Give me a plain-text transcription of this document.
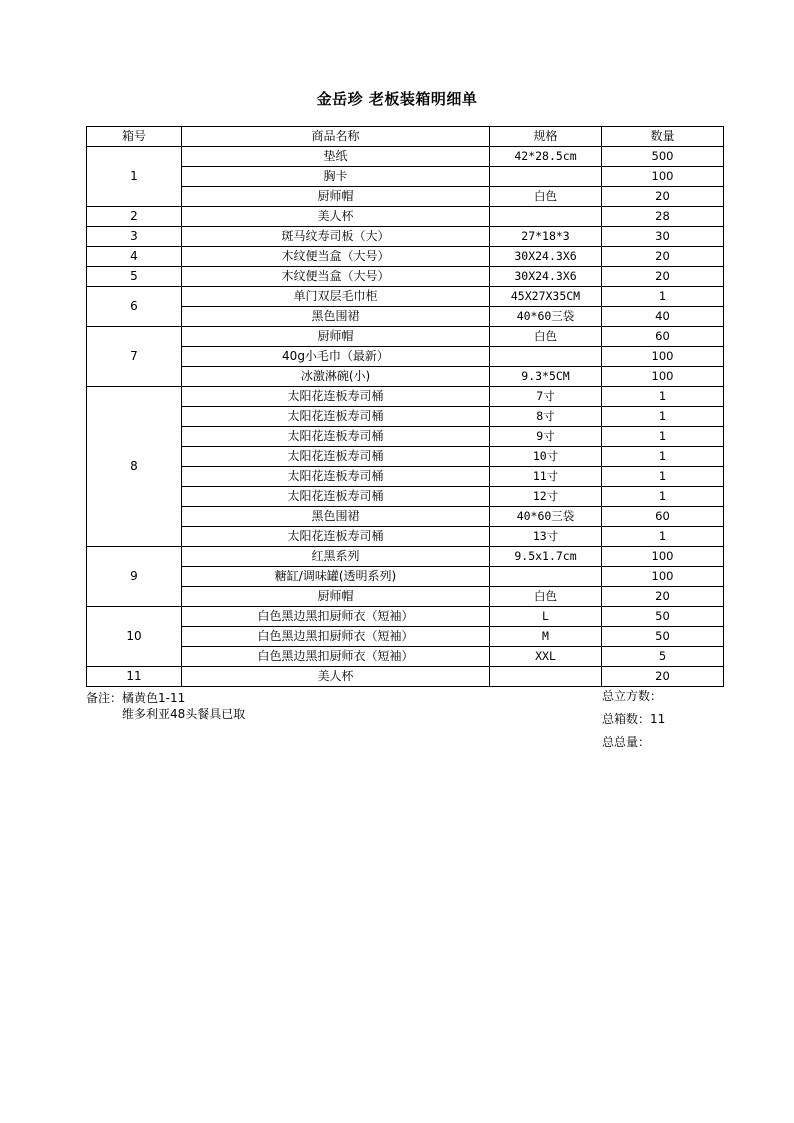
金岳珍 老板装箱明细单
箱号	商品名称	规格	数量
1	垫纸	42*28.5cm	500
	胸卡		100
	厨师帽	白色	20
2	美人杯		28
3	斑马纹寿司板（大）	27*18*3	30
4	木纹便当盒（大号）	30X24.3X6	20
5	木纹便当盒（大号）	30X24.3X6	20
6	单门双层毛巾柜	45X27X35CM	1
	黑色围裙	40*60三袋	40
7	厨师帽	白色	60
	40g小毛巾（最新）		100
	冰激淋碗(小)	9.3*5CM	100
8	太阳花连板寿司桶	7寸	1
	太阳花连板寿司桶	8寸	1
	太阳花连板寿司桶	9寸	1
	太阳花连板寿司桶	10寸	1
	太阳花连板寿司桶	11寸	1
	太阳花连板寿司桶	12寸	1
	黑色围裙	40*60三袋	60
	太阳花连板寿司桶	13寸	1
9	红黑系列	9.5x1.7cm	100
	糖缸/调味罐(透明系列)		100
	厨师帽	白色	20
10	白色黑边黑扣厨师衣（短袖）	L	50
	白色黑边黑扣厨师衣（短袖）	M	50
	白色黑边黑扣厨师衣（短袖）	XXL	5
11	美人杯		20
备注：橘黄色1-11
维多利亚48头餐具已取
总立方数：
总箱数：11
总总量：
